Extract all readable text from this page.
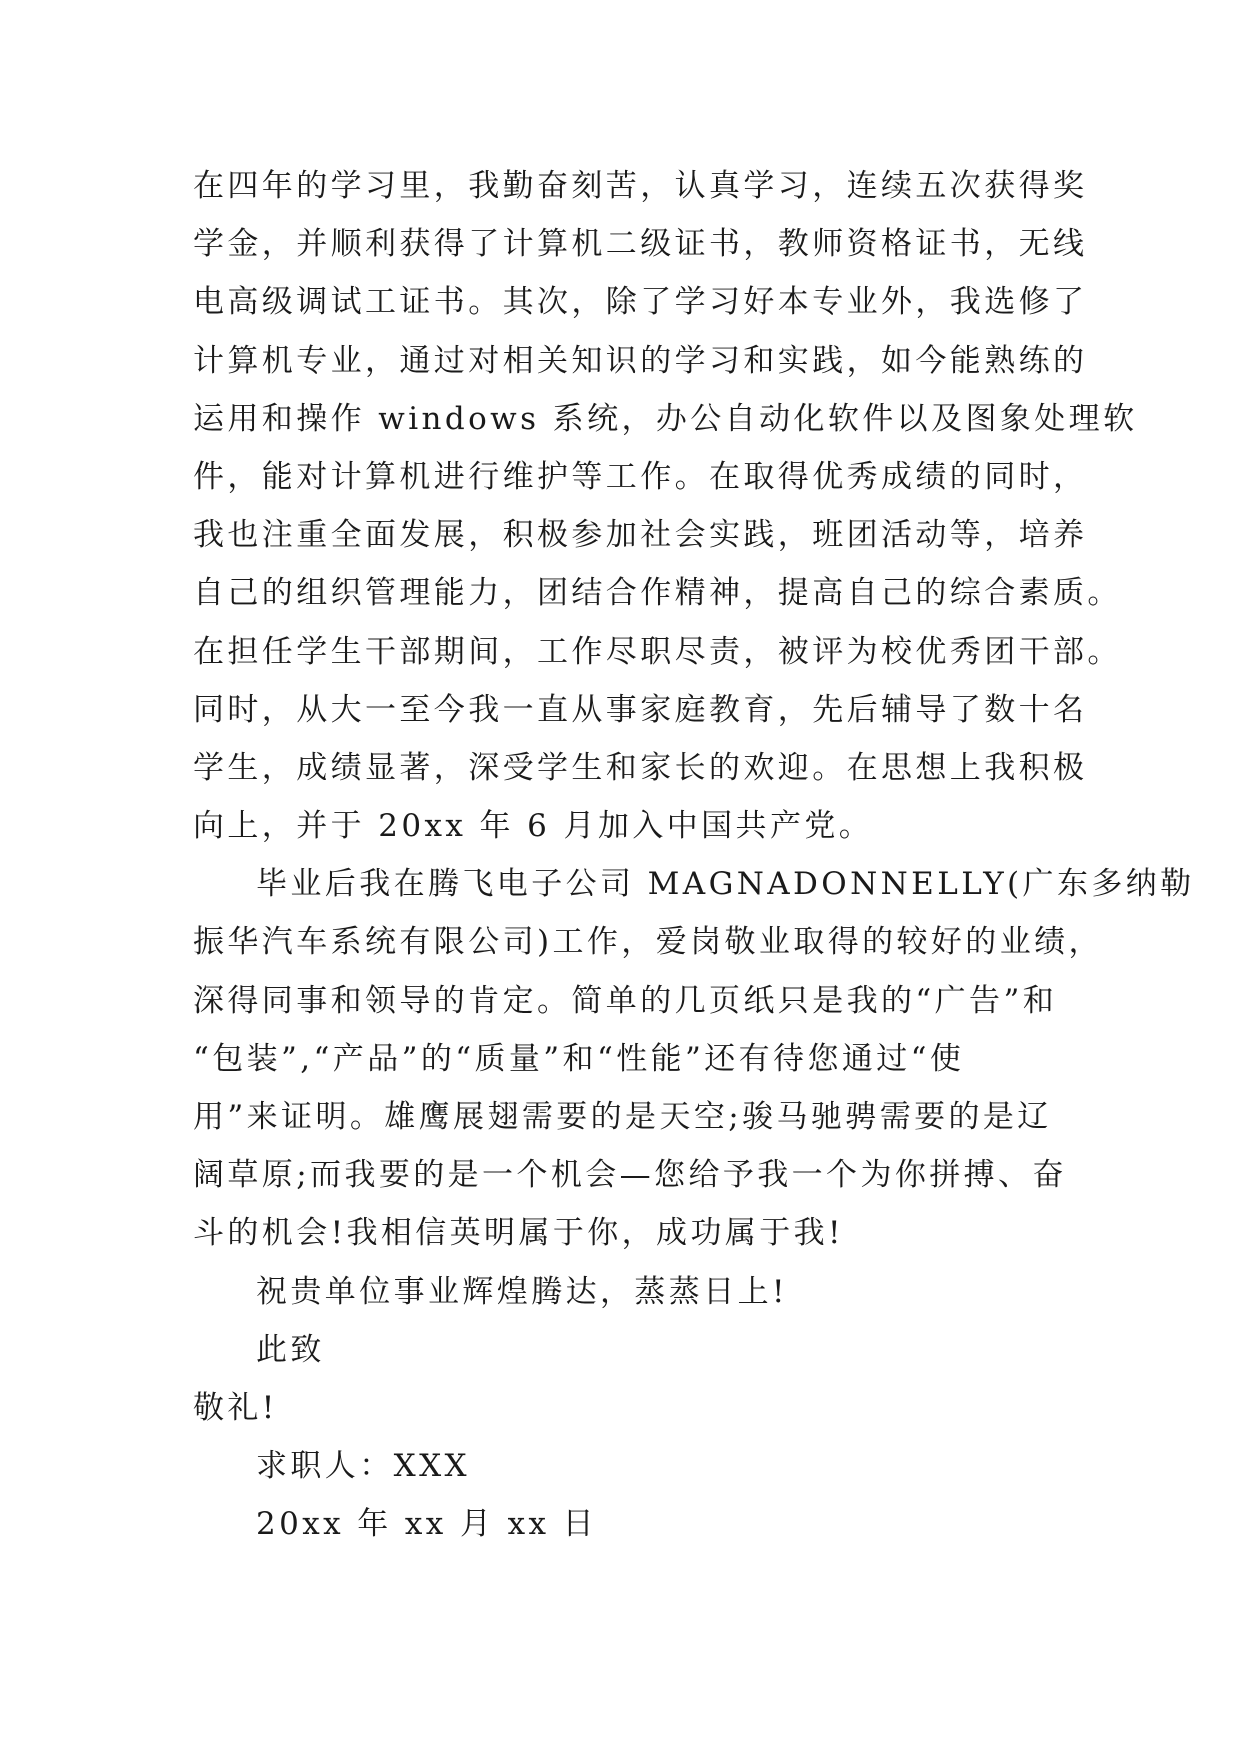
在四年的学习里，我勤奋刻苦，认真学习，连续五次获得奖
学金，并顺利获得了计算机二级证书，教师资格证书，无线
电高级调试工证书。其次，除了学习好本专业外，我选修了
计算机专业，通过对相关知识的学习和实践，如今能熟练的
运用和操作 windows 系统，办公自动化软件以及图象处理软
件，能对计算机进行维护等工作。在取得优秀成绩的同时，
我也注重全面发展，积极参加社会实践，班团活动等，培养
自己的组织管理能力，团结合作精神，提高自己的综合素质。
在担任学生干部期间，工作尽职尽责，被评为校优秀团干部。
同时，从大一至今我一直从事家庭教育，先后辅导了数十名
学生，成绩显著，深受学生和家长的欢迎。在思想上我积极
向上，并于 20xx 年 6 月加入中国共产党。
毕业后我在腾飞电子公司 MAGNADONNELLY(广东多纳勒
振华汽车系统有限公司)工作，爱岗敬业取得的较好的业绩，
深得同事和领导的肯定。简单的几页纸只是我的“广告”和
“包装”,“产品”的“质量”和“性能”还有待您通过“使
用”来证明。雄鹰展翅需要的是天空;骏马驰骋需要的是辽
阔草原;而我要的是一个机会—您给予我一个为你拼搏、奋
斗的机会!我相信英明属于你，成功属于我!
祝贵单位事业辉煌腾达，蒸蒸日上!
此致
敬礼!
求职人：XXX
20xx 年 xx 月 xx 日
